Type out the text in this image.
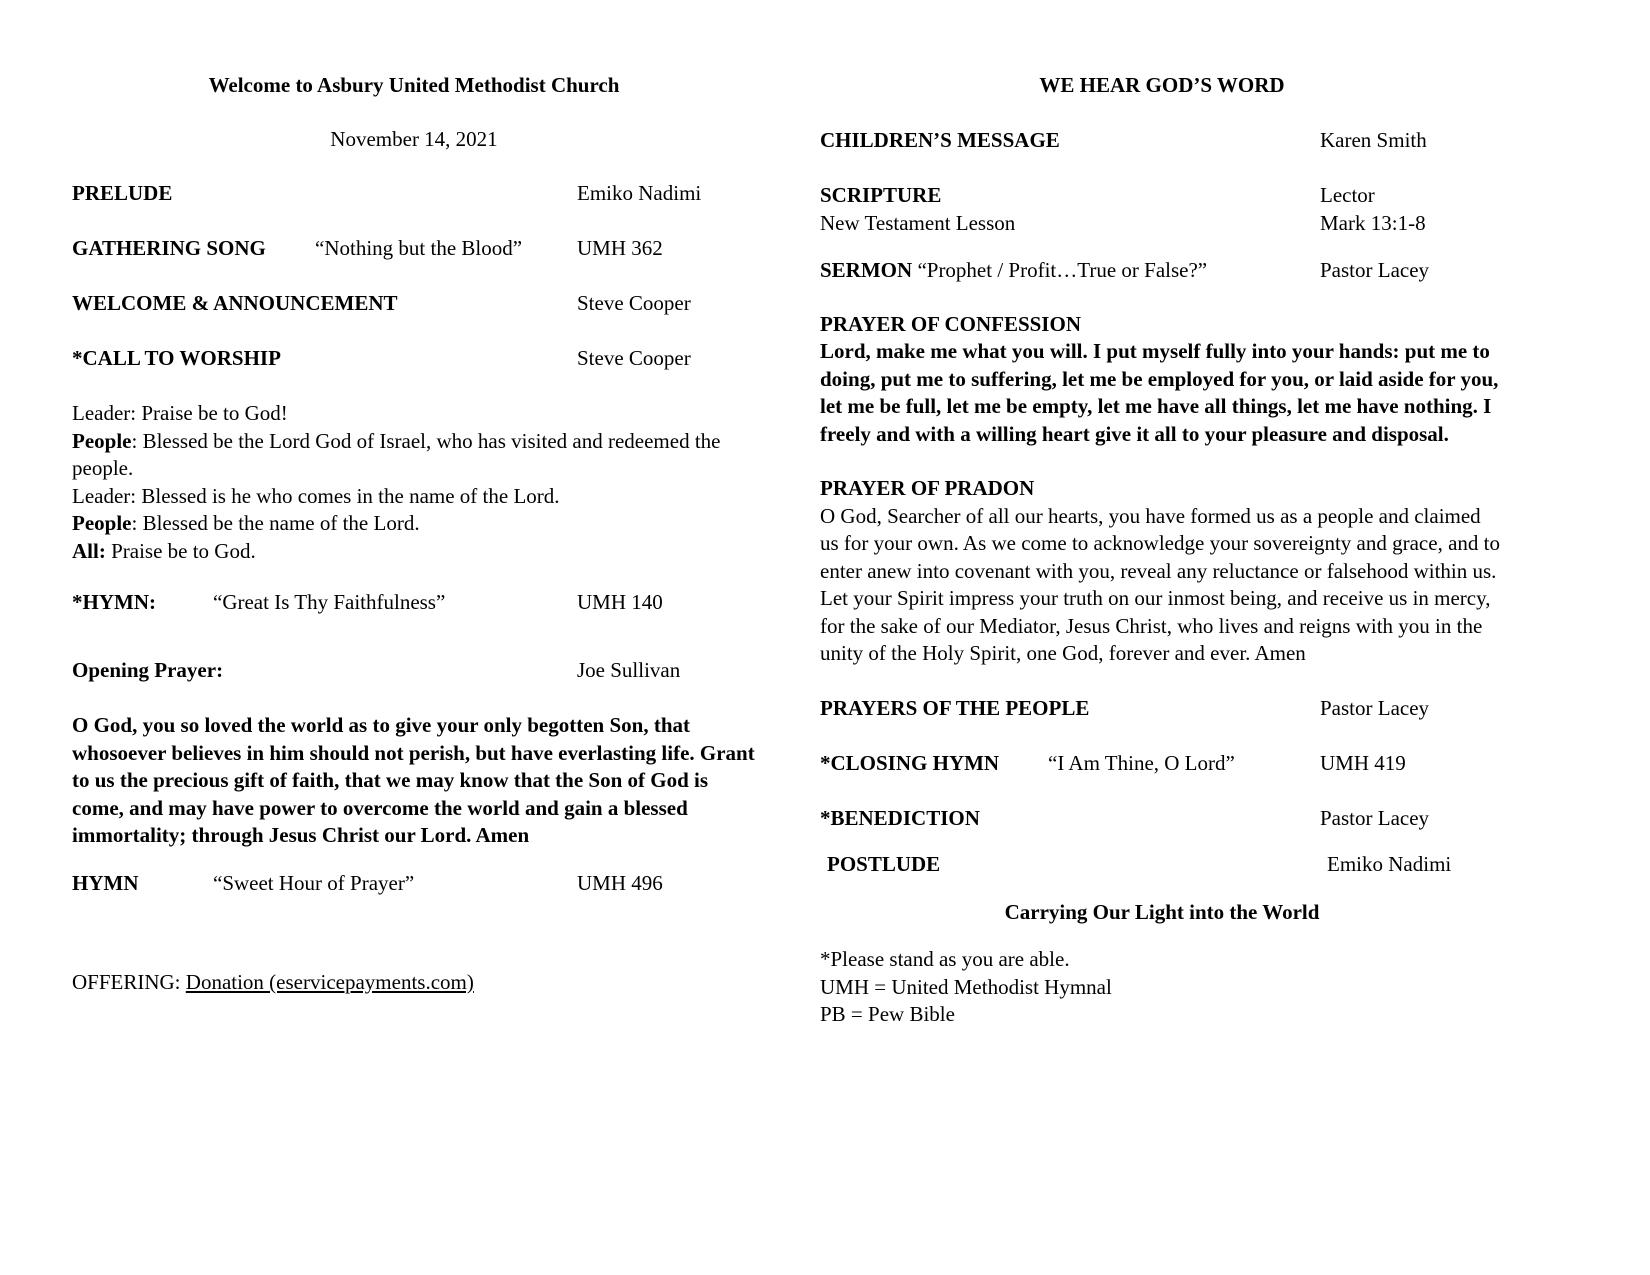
Welcome to Asbury United Methodist Church
November 14, 2021
PRELUDE	Emiko Nadimi
GATHERING SONG “Nothing but the Blood”	UMH 362
WELCOME & ANNOUNCEMENT	Steve Cooper
*CALL TO WORSHIP	Steve Cooper
Leader: Praise be to God!
People: Blessed be the Lord God of Israel, who has visited and redeemed the people.
Leader: Blessed is he who comes in the name of the Lord.
People: Blessed be the name of the Lord.
All: Praise be to God.
*HYMN:	“Great Is Thy Faithfulness”	UMH 140
Opening Prayer:	Joe Sullivan
O God, you so loved the world as to give your only begotten Son, that whosoever believes in him should not perish, but have everlasting life. Grant to us the precious gift of faith, that we may know that the Son of God is come, and may have power to overcome the world and gain a blessed immortality; through Jesus Christ our Lord. Amen
HYMN	“Sweet Hour of Prayer”	UMH 496
OFFERING: Donation (eservicepayments.com)
WE HEAR GOD’S WORD
CHILDREN’S MESSAGE	Karen Smith
SCRIPTURE	Lector
New Testament Lesson	Mark 13:1-8
SERMON “Prophet / Profit…True or False?”	Pastor Lacey
PRAYER OF CONFESSION
Lord, make me what you will. I put myself fully into your hands: put me to doing, put me to suffering, let me be employed for you, or laid aside for you, let me be full, let me be empty, let me have all things, let me have nothing. I freely and with a willing heart give it all to your pleasure and disposal.
PRAYER OF PRADON
O God, Searcher of all our hearts, you have formed us as a people and claimed us for your own. As we come to acknowledge your sovereignty and grace, and to enter anew into covenant with you, reveal any reluctance or falsehood within us. Let your Spirit impress your truth on our inmost being, and receive us in mercy, for the sake of our Mediator, Jesus Christ, who lives and reigns with you in the unity of the Holy Spirit, one God, forever and ever. Amen
PRAYERS OF THE PEOPLE	Pastor Lacey
*CLOSING HYMN “I Am Thine, O Lord”	UMH 419
*BENEDICTION	Pastor Lacey
POSTLUDE	Emiko Nadimi
Carrying Our Light into the World
*Please stand as you are able.
UMH = United Methodist Hymnal
PB = Pew Bible
